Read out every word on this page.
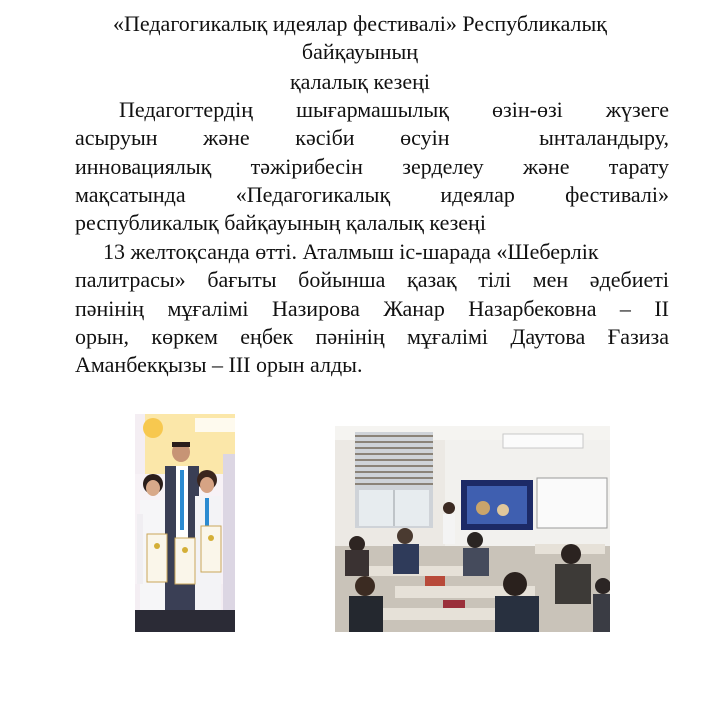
«Педагогикалық идеялар фестивалі» Республикалық
байқауының
қалалық кезеңі
Педагогтердің шығармашылық өзін-өзі жүзеге
асыруын және кәсіби өсуін	ынталандыру,
инновациялық тәжірибесін зерделеу және тарату
мақсатында «Педагогикалық идеялар фестивалі»
республикалық байқауының қалалық кезеңі
13 желтоқсанда өтті. Аталмыш іс-шарада «Шеберлік
палитрасы» бағыты бойынша қазақ тілі мен әдебиеті
пәнінің мұғалімі Назирова Жанар Назарбековна – ІІ
орын, көркем еңбек пәнінің мұғалімі Даутова Ғазиза
Аманбекқызы – ІІІ орын алды.
